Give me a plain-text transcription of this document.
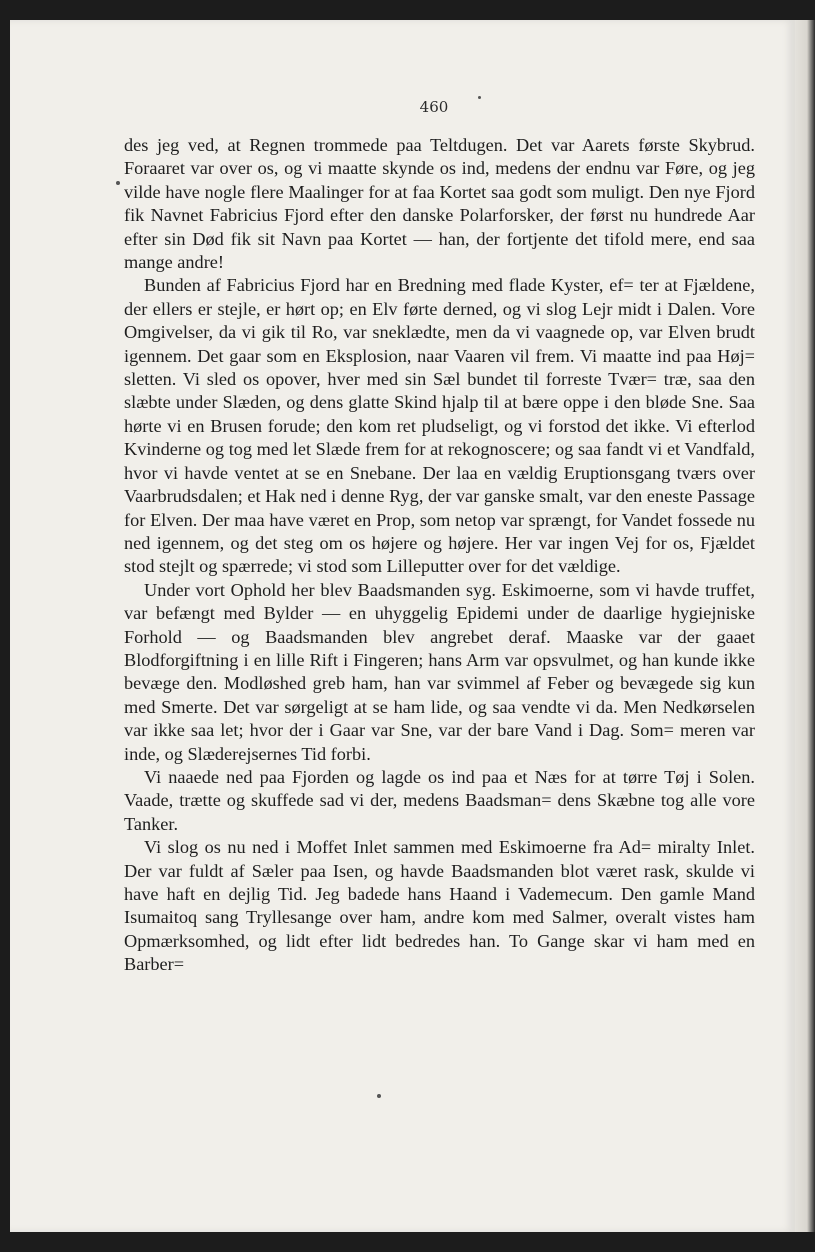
460

des jeg ved, at Regnen trommede paa Teltdugen. Det var Aarets første Skybrud. Foraaret var over os, og vi maatte skynde os ind, medens der endnu var Føre, og jeg vilde have nogle flere Maalinger for at faa Kortet saa godt som muligt. Den nye Fjord fik Navnet Fabricius Fjord efter den danske Polarforsker, der først nu hundrede Aar efter sin Død fik sit Navn paa Kortet — han, der fortjente det tifold mere, end saa mange andre!

Bunden af Fabricius Fjord har en Bredning med flade Kyster, ef= ter at Fjældene, der ellers er stejle, er hørt op; en Elv førte derned, og vi slog Lejr midt i Dalen. Vore Omgivelser, da vi gik til Ro, var sneklædte, men da vi vaagnede op, var Elven brudt igennem. Det gaar som en Eksplosion, naar Vaaren vil frem. Vi maatte ind paa Høj= sletten. Vi sled os opover, hver med sin Sæl bundet til forreste Tvær= træ, saa den slæbte under Slæden, og dens glatte Skind hjalp til at bære oppe i den bløde Sne. Saa hørte vi en Brusen forude; den kom ret pludseligt, og vi forstod det ikke. Vi efterlod Kvinderne og tog med let Slæde frem for at rekognoscere; og saa fandt vi et Vandfald, hvor vi havde ventet at se en Snebane. Der laa en vældig Eruptionsgang tværs over Vaarbrudsdalen; et Hak ned i denne Ryg, der var ganske smalt, var den eneste Passage for Elven. Der maa have været en Prop, som netop var sprængt, for Vandet fossede nu ned igennem, og det steg om os højere og højere. Her var ingen Vej for os, Fjældet stod stejlt og spærrede; vi stod som Lilleputter over for det vældige.

Under vort Ophold her blev Baadsmanden syg. Eskimoerne, som vi havde truffet, var befængt med Bylder — en uhyggelig Epidemi under de daarlige hygiejniske Forhold — og Baadsmanden blev angrebet deraf. Maaske var der gaaet Blodforgiftning i en lille Rift i Fingeren; hans Arm var opsvulmet, og han kunde ikke bevæge den. Modløshed greb ham, han var svimmel af Feber og bevægede sig kun med Smerte. Det var sørgeligt at se ham lide, og saa vendte vi da. Men Nedkørselen var ikke saa let; hvor der i Gaar var Sne, var der bare Vand i Dag. Som= meren var inde, og Slæderejsernes Tid forbi.

Vi naaede ned paa Fjorden og lagde os ind paa et Næs for at tørre Tøj i Solen. Vaade, trætte og skuffede sad vi der, medens Baadsman= dens Skæbne tog alle vore Tanker.

Vi slog os nu ned i Moffet Inlet sammen med Eskimoerne fra Ad= miralty Inlet. Der var fuldt af Sæler paa Isen, og havde Baadsmanden blot været rask, skulde vi have haft en dejlig Tid. Jeg badede hans Haand i Vademecum. Den gamle Mand Isumaitoq sang Tryllesange over ham, andre kom med Salmer, overalt vistes ham Opmærksomhed, og lidt efter lidt bedredes han. To Gange skar vi ham med en Barber=
